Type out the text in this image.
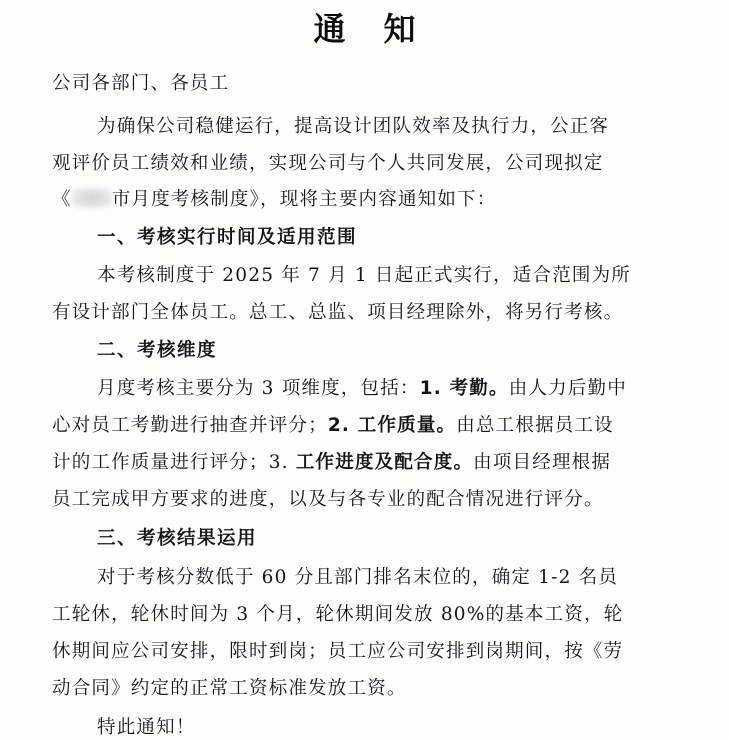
通知
公司各部门、各员工
为确保公司稳健运行，提高设计团队效率及执行力，公正客
观评价员工绩效和业绩，实现公司与个人共同发展，公司现拟定
《 市月度考核制度》，现将主要内容通知如下：
一、考核实行时间及适用范围
本考核制度于 2025 年 7 月 1 日起正式实行，适合范围为所
有设计部门全体员工。总工、总监、项目经理除外，将另行考核。
二、考核维度
月度考核主要分为 3 项维度，包括：1. 考勤。由人力后勤中
心对员工考勤进行抽查并评分；2. 工作质量。由总工根据员工设
计的工作质量进行评分；3. 工作进度及配合度。由项目经理根据
员工完成甲方要求的进度，以及与各专业的配合情况进行评分。
三、考核结果运用
对于考核分数低于 60 分且部门排名末位的，确定 1-2 名员
工轮休，轮休时间为 3 个月，轮休期间发放 80%的基本工资，轮
休期间应公司安排，限时到岗；员工应公司安排到岗期间，按《劳
动合同》约定的正常工资标准发放工资。
特此通知！
